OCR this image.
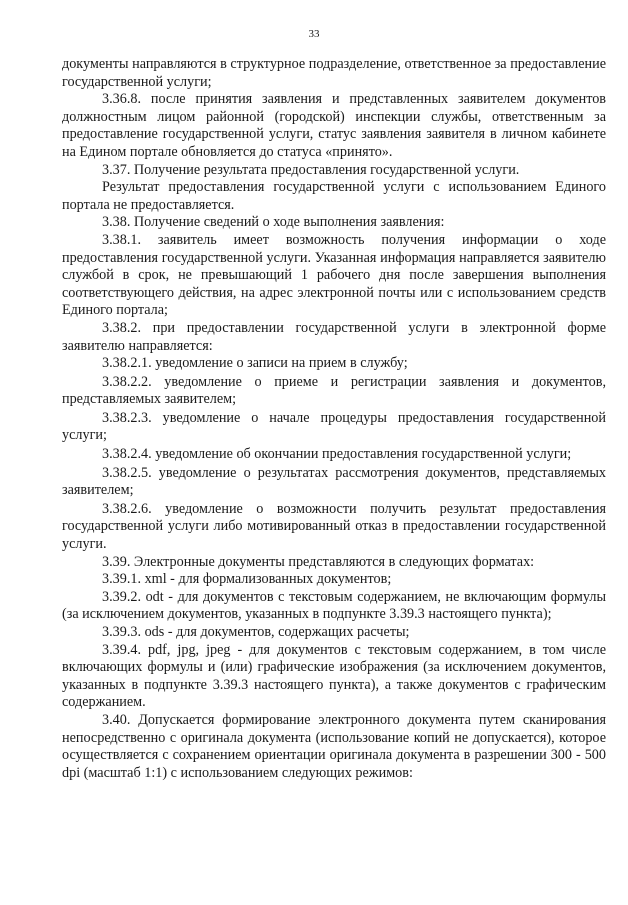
33

документы направляются в структурное подразделение, ответственное за предоставление государственной услуги;

3.36.8. после принятия заявления и представленных заявителем документов должностным лицом районной (городской) инспекции службы, ответственным за предоставление государственной услуги, статус заявления заявителя в личном кабинете на Едином портале обновляется до статуса «принято».

3.37. Получение результата предоставления государственной услуги.

Результат предоставления государственной услуги с использованием Единого портала не предоставляется.

3.38. Получение сведений о ходе выполнения заявления:

3.38.1. заявитель имеет возможность получения информации о ходе предоставления государственной услуги. Указанная информация направляется заявителю службой в срок, не превышающий 1 рабочего дня после завершения выполнения соответствующего действия, на адрес электронной почты или с использованием средств Единого портала;

3.38.2. при предоставлении государственной услуги в электронной форме заявителю направляется:

3.38.2.1. уведомление о записи на прием в службу;

3.38.2.2. уведомление о приеме и регистрации заявления и документов, представляемых заявителем;

3.38.2.3. уведомление о начале процедуры предоставления государственной услуги;

3.38.2.4. уведомление об окончании предоставления государственной услуги;

3.38.2.5. уведомление о результатах рассмотрения документов, представляемых заявителем;

3.38.2.6. уведомление о возможности получить результат предоставления государственной услуги либо мотивированный отказ в предоставлении государственной услуги.

3.39. Электронные документы представляются в следующих форматах:

3.39.1. xml - для формализованных документов;

3.39.2. odt - для документов с текстовым содержанием, не включающим формулы (за исключением документов, указанных в подпункте 3.39.3 настоящего пункта);

3.39.3. ods - для документов, содержащих расчеты;

3.39.4. pdf, jpg, jpeg - для документов с текстовым содержанием, в том числе включающих формулы и (или) графические изображения (за исключением документов, указанных в подпункте 3.39.3 настоящего пункта), а также документов с графическим содержанием.

3.40. Допускается формирование электронного документа путем сканирования непосредственно с оригинала документа (использование копий не допускается), которое осуществляется с сохранением ориентации оригинала документа в разрешении 300 - 500 dpi (масштаб 1:1) с использованием следующих режимов:
